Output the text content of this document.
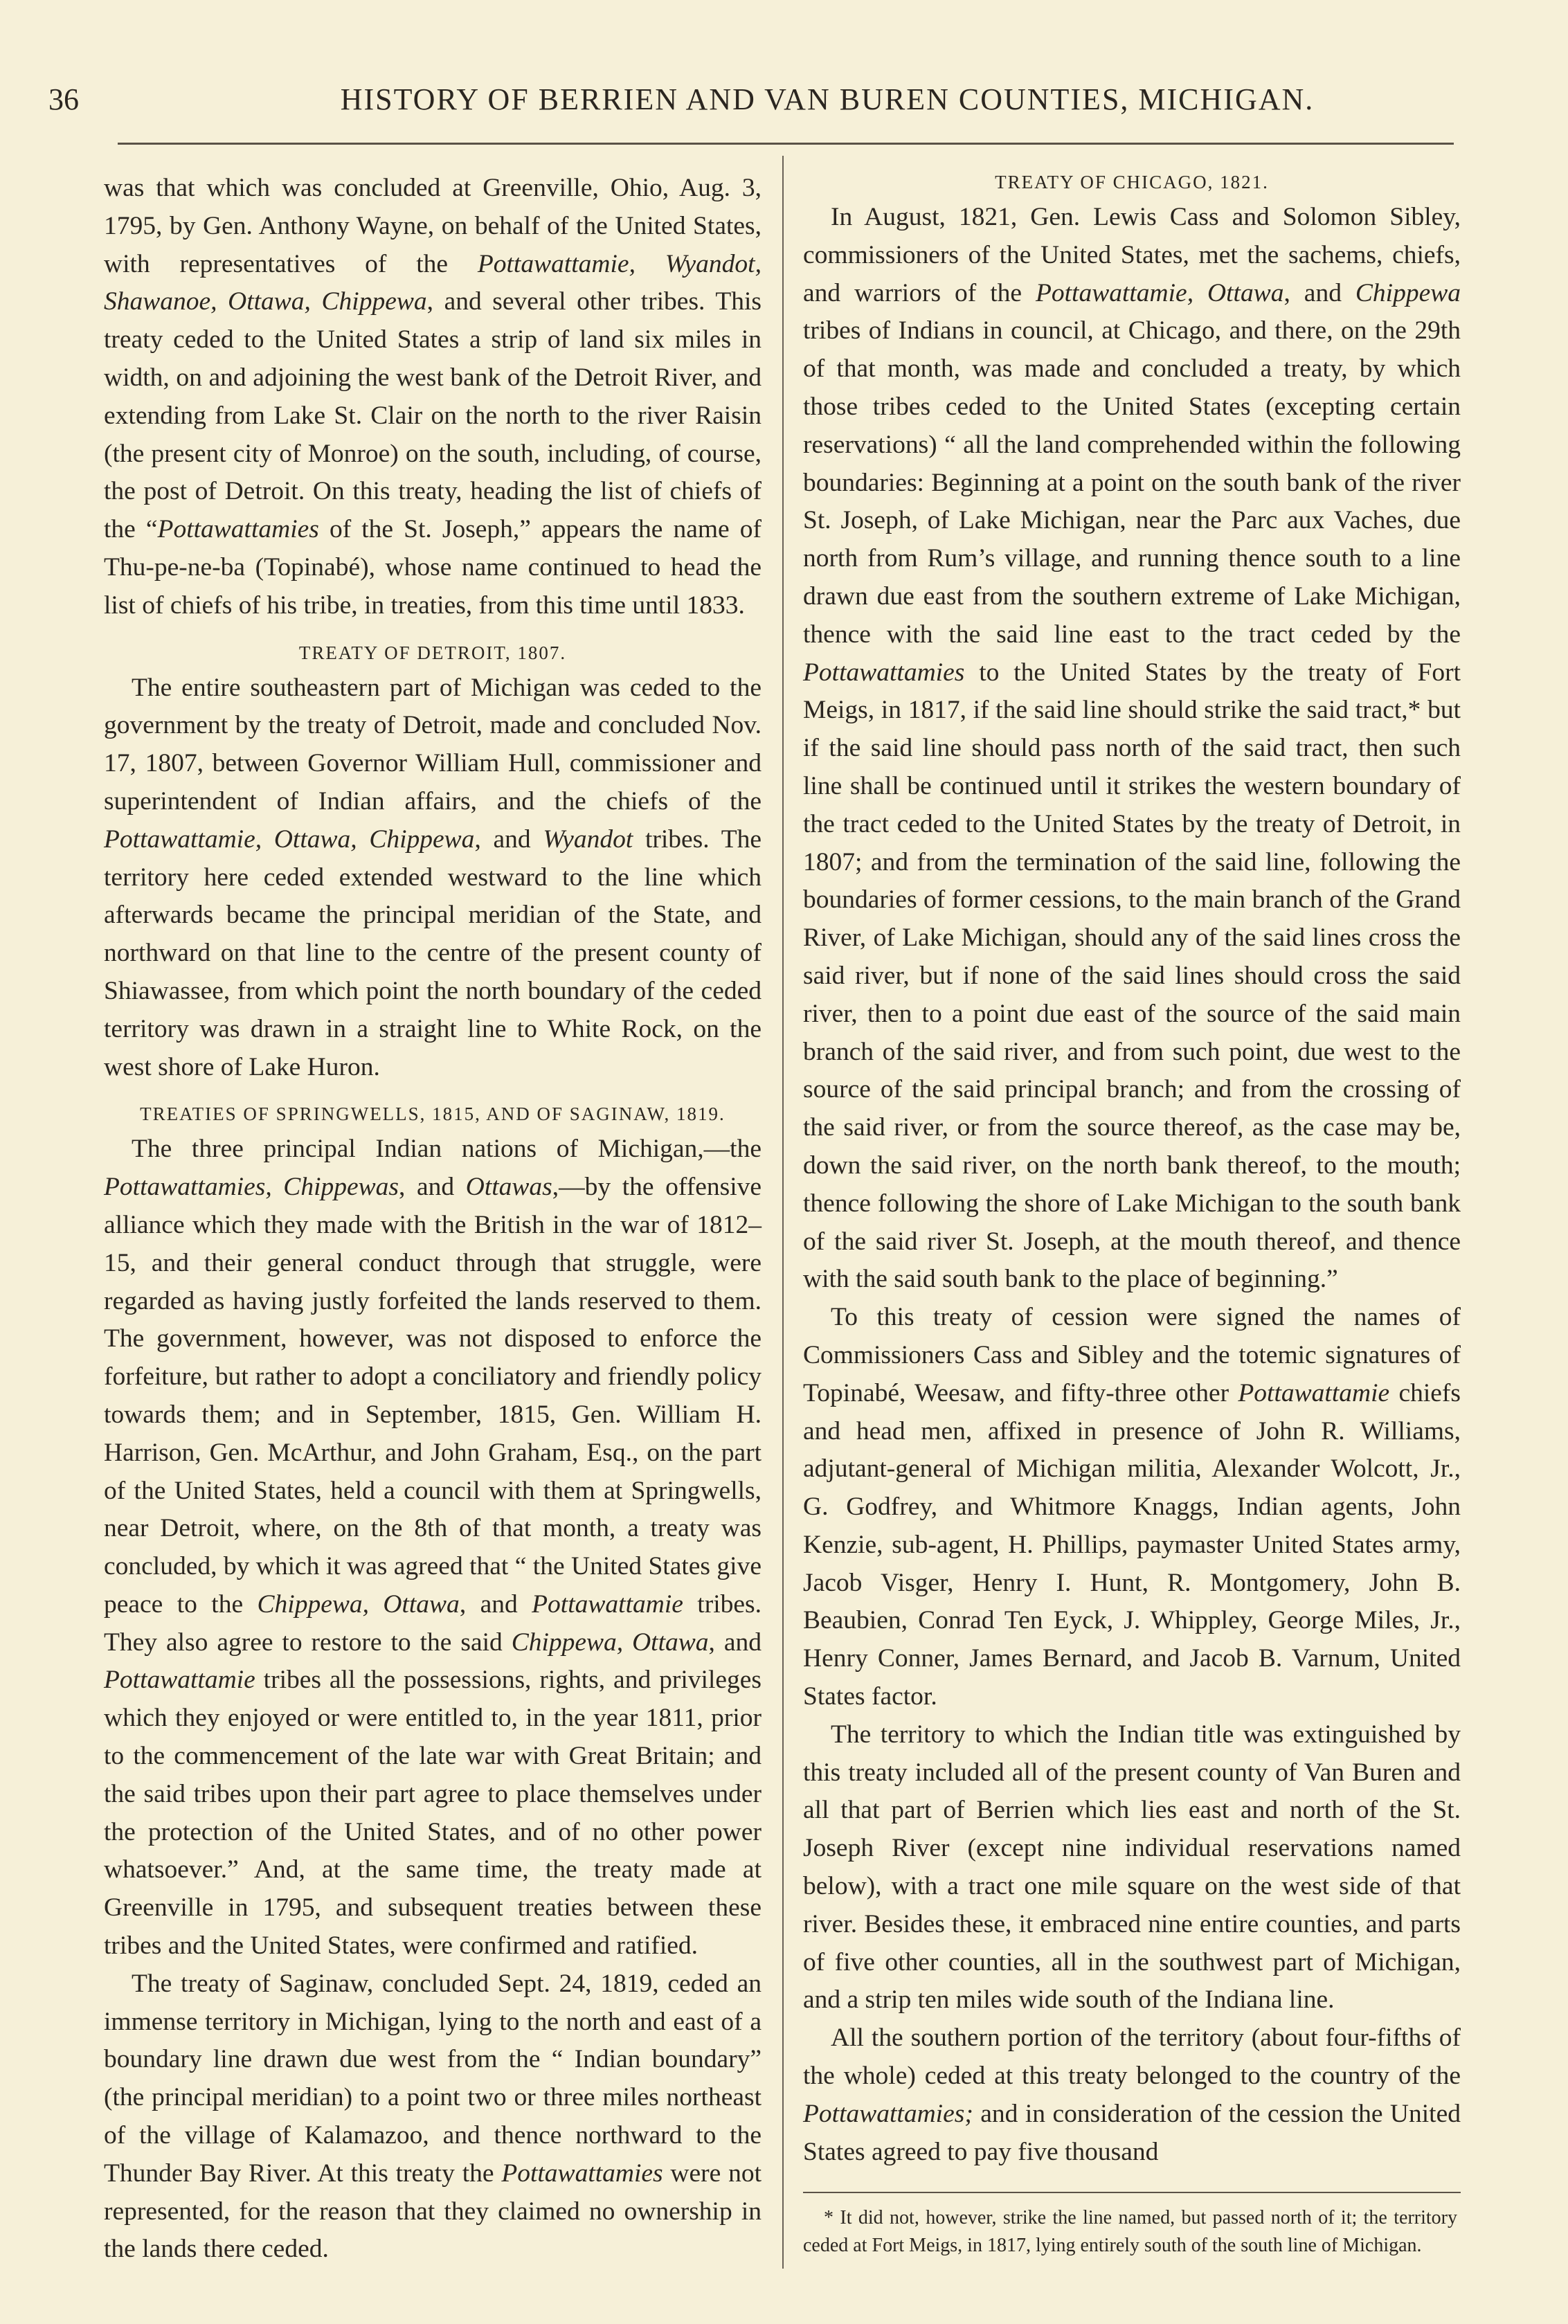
36	HISTORY OF BERRIEN AND VAN BUREN COUNTIES, MICHIGAN.

was that which was concluded at Greenville, Ohio, Aug. 3, 1795, by Gen. Anthony Wayne, on behalf of the United States, with representatives of the Pottawattamie, Wyandot, Shawanoe, Ottawa, Chippewa, and several other tribes. This treaty ceded to the United States a strip of land six miles in width, on and adjoining the west bank of the Detroit River, and extending from Lake St. Clair on the north to the river Raisin (the present city of Monroe) on the south, including, of course, the post of Detroit. On this treaty, heading the list of chiefs of the “Pottawattamies of the St. Joseph,” appears the name of Thu-pe-ne-ba (Topinabé), whose name continued to head the list of chiefs of his tribe, in treaties, from this time until 1833.

TREATY OF DETROIT, 1807.

The entire southeastern part of Michigan was ceded to the government by the treaty of Detroit, made and concluded Nov. 17, 1807, between Governor William Hull, commissioner and superintendent of Indian affairs, and the chiefs of the Pottawattamie, Ottawa, Chippewa, and Wyandot tribes. The territory here ceded extended westward to the line which afterwards became the principal meridian of the State, and northward on that line to the centre of the present county of Shiawassee, from which point the north boundary of the ceded territory was drawn in a straight line to White Rock, on the west shore of Lake Huron.

TREATIES OF SPRINGWELLS, 1815, AND OF SAGINAW, 1819.

The three principal Indian nations of Michigan,—the Pottawattamies, Chippewas, and Ottawas,—by the offensive alliance which they made with the British in the war of 1812–15, and their general conduct through that struggle, were regarded as having justly forfeited the lands reserved to them. The government, however, was not disposed to enforce the forfeiture, but rather to adopt a conciliatory and friendly policy towards them; and in September, 1815, Gen. William H. Harrison, Gen. McArthur, and John Graham, Esq., on the part of the United States, held a council with them at Springwells, near Detroit, where, on the 8th of that month, a treaty was concluded, by which it was agreed that “ the United States give peace to the Chippewa, Ottawa, and Pottawattamie tribes. They also agree to restore to the said Chippewa, Ottawa, and Pottawattamie tribes all the possessions, rights, and privileges which they enjoyed or were entitled to, in the year 1811, prior to the commencement of the late war with Great Britain; and the said tribes upon their part agree to place themselves under the protection of the United States, and of no other power whatsoever.” And, at the same time, the treaty made at Greenville in 1795, and subsequent treaties between these tribes and the United States, were confirmed and ratified.

The treaty of Saginaw, concluded Sept. 24, 1819, ceded an immense territory in Michigan, lying to the north and east of a boundary line drawn due west from the “ Indian boundary” (the principal meridian) to a point two or three miles northeast of the village of Kalamazoo, and thence northward to the Thunder Bay River. At this treaty the Pottawattamies were not represented, for the reason that they claimed no ownership in the lands there ceded.

TREATY OF CHICAGO, 1821.

In August, 1821, Gen. Lewis Cass and Solomon Sibley, commissioners of the United States, met the sachems, chiefs, and warriors of the Pottawattamie, Ottawa, and Chippewa tribes of Indians in council, at Chicago, and there, on the 29th of that month, was made and concluded a treaty, by which those tribes ceded to the United States (excepting certain reservations) “ all the land comprehended within the following boundaries: Beginning at a point on the south bank of the river St. Joseph, of Lake Michigan, near the Parc aux Vaches, due north from Rum’s village, and running thence south to a line drawn due east from the southern extreme of Lake Michigan, thence with the said line east to the tract ceded by the Pottawattamies to the United States by the treaty of Fort Meigs, in 1817, if the said line should strike the said tract,* but if the said line should pass north of the said tract, then such line shall be continued until it strikes the western boundary of the tract ceded to the United States by the treaty of Detroit, in 1807; and from the termination of the said line, following the boundaries of former cessions, to the main branch of the Grand River, of Lake Michigan, should any of the said lines cross the said river, but if none of the said lines should cross the said river, then to a point due east of the source of the said main branch of the said river, and from such point, due west to the source of the said principal branch; and from the crossing of the said river, or from the source thereof, as the case may be, down the said river, on the north bank thereof, to the mouth; thence following the shore of Lake Michigan to the south bank of the said river St. Joseph, at the mouth thereof, and thence with the said south bank to the place of beginning.”

To this treaty of cession were signed the names of Commissioners Cass and Sibley and the totemic signatures of Topinabé, Weesaw, and fifty-three other Pottawattamie chiefs and head men, affixed in presence of John R. Williams, adjutant-general of Michigan militia, Alexander Wolcott, Jr., G. Godfrey, and Whitmore Knaggs, Indian agents, John Kenzie, sub-agent, H. Phillips, paymaster United States army, Jacob Visger, Henry I. Hunt, R. Montgomery, John B. Beaubien, Conrad Ten Eyck, J. Whippley, George Miles, Jr., Henry Conner, James Bernard, and Jacob B. Varnum, United States factor.

The territory to which the Indian title was extinguished by this treaty included all of the present county of Van Buren and all that part of Berrien which lies east and north of the St. Joseph River (except nine individual reservations named below), with a tract one mile square on the west side of that river. Besides these, it embraced nine entire counties, and parts of five other counties, all in the southwest part of Michigan, and a strip ten miles wide south of the Indiana line.

All the southern portion of the territory (about four-fifths of the whole) ceded at this treaty belonged to the country of the Pottawattamies; and in consideration of the cession the United States agreed to pay five thousand

* It did not, however, strike the line named, but passed north of it; the territory ceded at Fort Meigs, in 1817, lying entirely south of the south line of Michigan.
